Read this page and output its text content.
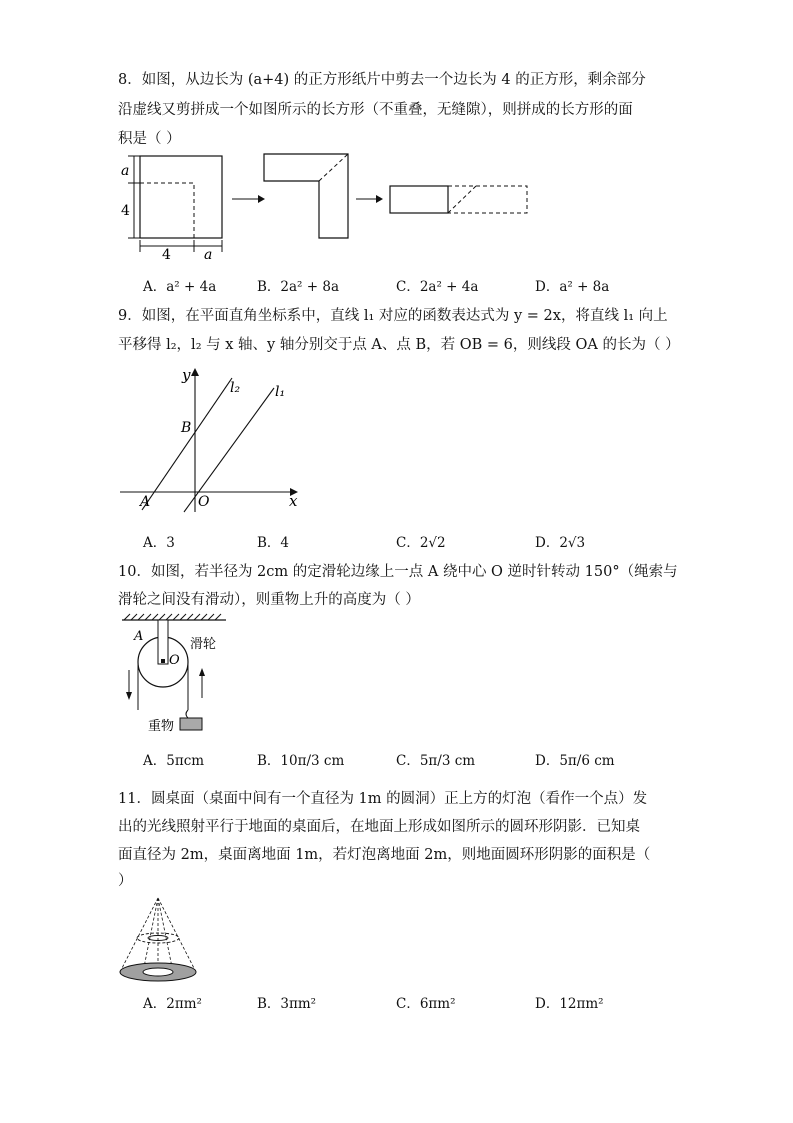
8．如图，从边长为 (a+4) 的正方形纸片中剪去一个边长为 4 的正方形，剩余部分
沿虚线又剪拼成一个如图所示的长方形（不重叠，无缝隙），则拼成的长方形的面
积是（ ）
a
4
4 a
A．a² + 4a	B．2a² + 8a	C．2a² + 4a	D．a² + 8a
9．如图，在平面直角坐标系中，直线 l₁ 对应的函数表达式为 y = 2x，将直线 l₁ 向上
平移得 l₂，l₂ 与 x 轴、y 轴分别交于点 A、点 B，若 OB = 6，则线段 OA 的长为（ ）
y
x
l₂ l₁
B
A	O
A．3	B．4	C．2√2	D．2√3
10．如图，若半径为 2cm 的定滑轮边缘上一点 A 绕中心 O 逆时针转动 150°（绳索与
滑轮之间没有滑动），则重物上升的高度为（ ）
A
O
滑轮
重物
A．5πcm	B．10π/3 cm	C．5π/3 cm	D．5π/6 cm
11．圆桌面（桌面中间有一个直径为 1m 的圆洞）正上方的灯泡（看作一个点）发
出的光线照射平行于地面的桌面后，在地面上形成如图所示的圆环形阴影．已知桌
面直径为 2m，桌面离地面 1m，若灯泡离地面 2m，则地面圆环形阴影的面积是（
）
A．2πm²	B．3πm²	C．6πm²	D．12πm²
